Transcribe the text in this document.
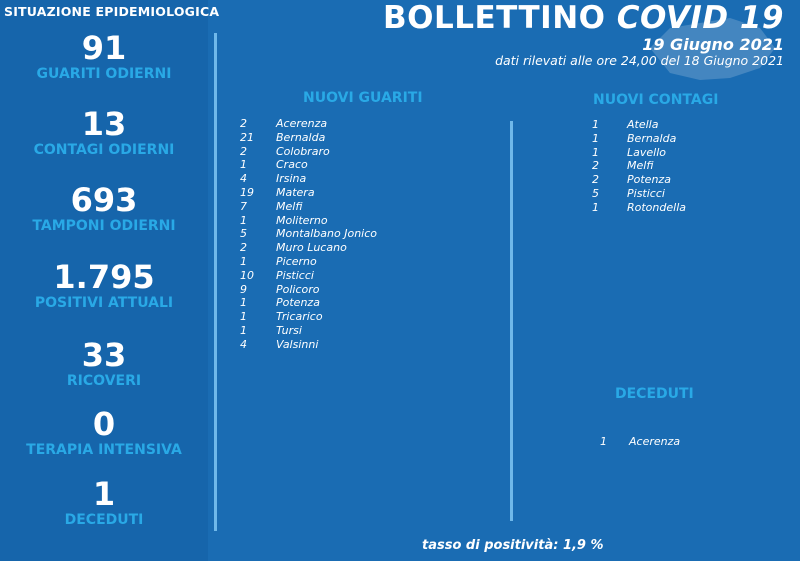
SITUAZIONE EPIDEMIOLOGICA
91
GUARITI ODIERNI
13
CONTAGI ODIERNI
693
TAMPONI ODIERNI
1.795
POSITIVI ATTUALI
33
RICOVERI
0
TERAPIA INTENSIVA
1
DECEDUTI
BOLLETTINO COVID 19
19 Giugno 2021
dati rilevati alle ore 24,00 del 18 Giugno 2021
NUOVI GUARITI
2	Acerenza
21	Bernalda
2	Colobraro
1	Craco
4	Irsina
19	Matera
7	Melfi
1	Moliterno
5	Montalbano Jonico
2	Muro Lucano
1	Picerno
10	Pisticci
9	Policoro
1	Potenza
1	Tricarico
1	Tursi
4	Valsinni
NUOVI CONTAGI
1	Atella
1	Bernalda
1	Lavello
2	Melfi
2	Potenza
5	Pisticci
1	Rotondella
DECEDUTI
1	Acerenza
tasso di positività: 1,9 %
